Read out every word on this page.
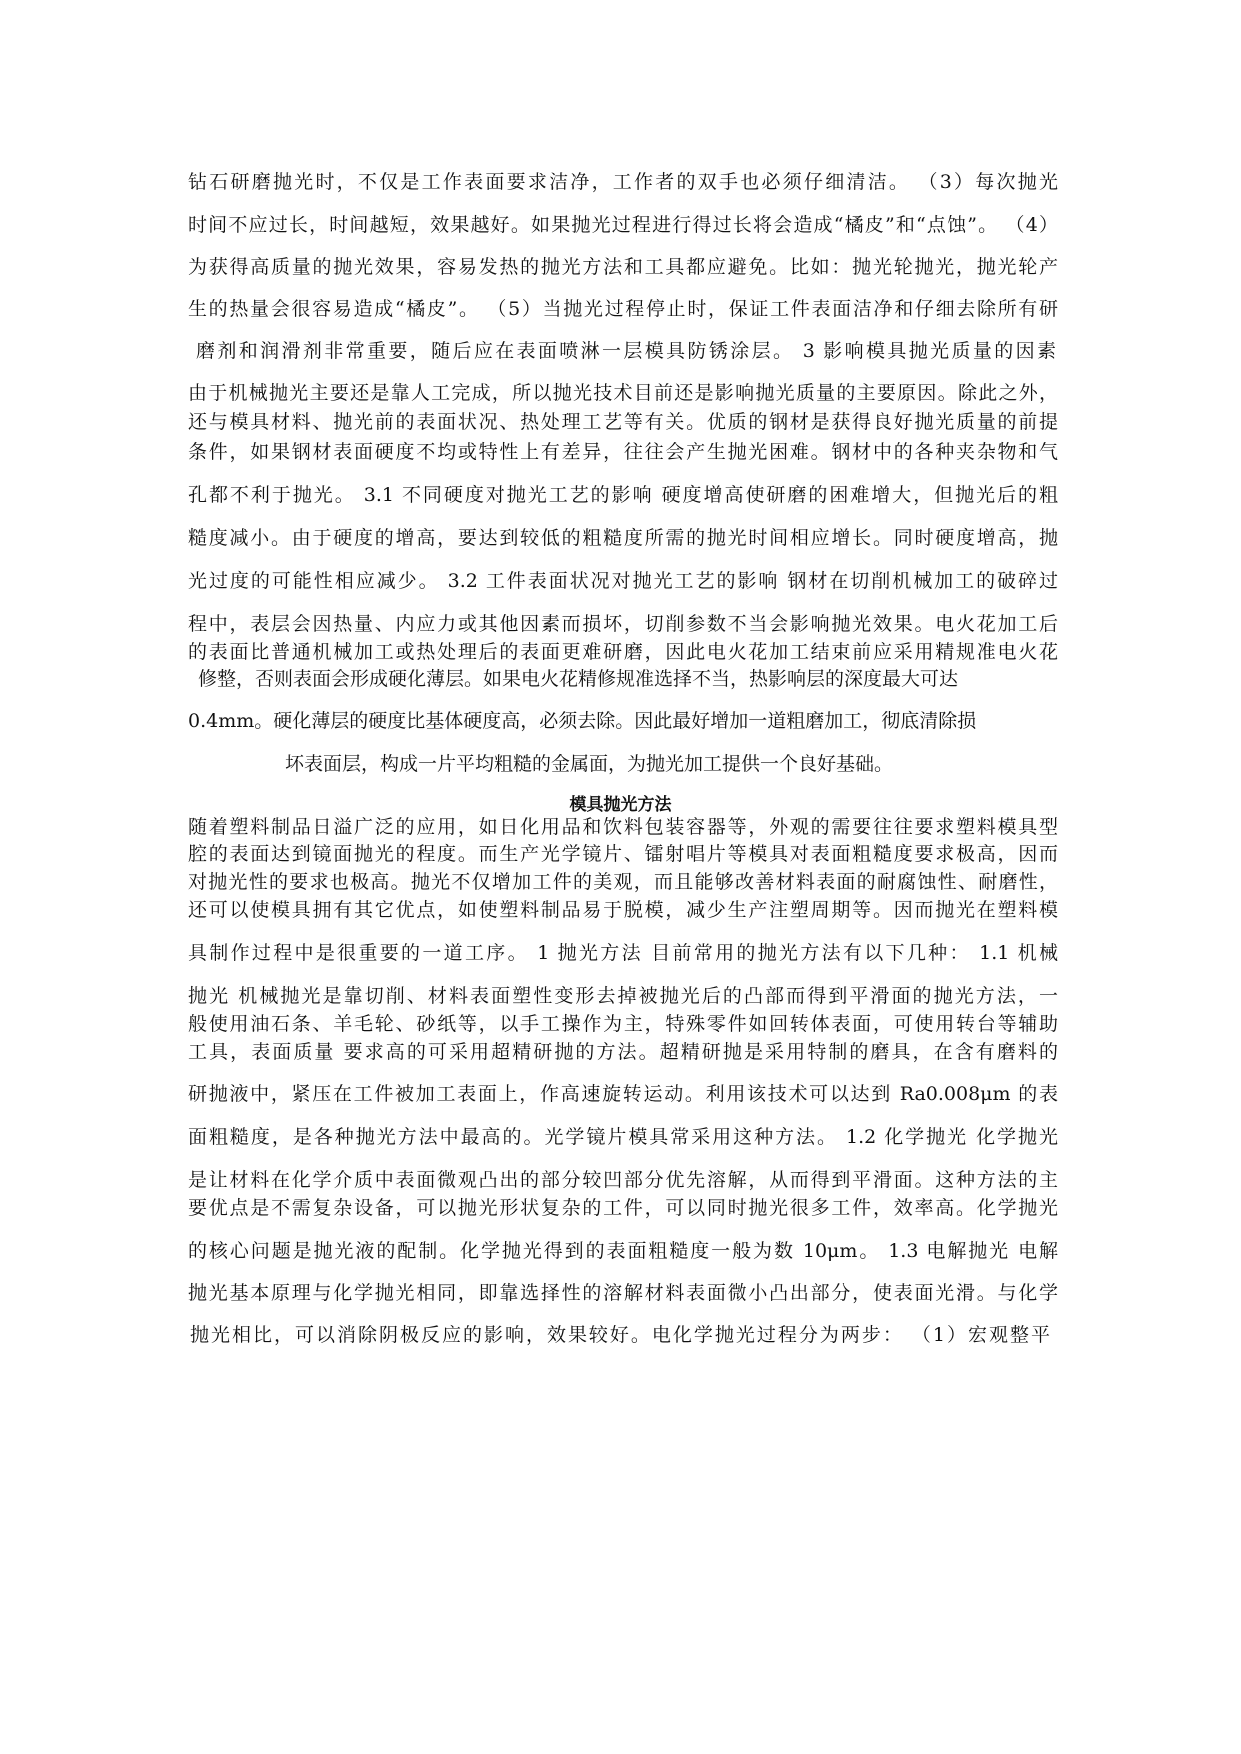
钻石研磨抛光时，不仅是工作表面要求洁净，工作者的双手也必须仔细清洁。 （3）每次抛光
时间不应过长，时间越短，效果越好。如果抛光过程进行得过长将会造成“橘皮”和“点蚀”。 （4）
为获得高质量的抛光效果，容易发热的抛光方法和工具都应避免。比如：抛光轮抛光，抛光轮产
生的热量会很容易造成“橘皮”。 （5）当抛光过程停止时，保证工件表面洁净和仔细去除所有研
磨剂和润滑剂非常重要，随后应在表面喷淋一层模具防锈涂层。 3 影响模具抛光质量的因素
由于机械抛光主要还是靠人工完成，所以抛光技术目前还是影响抛光质量的主要原因。除此之外，
还与模具材料、抛光前的表面状况、热处理工艺等有关。优质的钢材是获得良好抛光质量的前提
条件，如果钢材表面硬度不均或特性上有差异，往往会产生抛光困难。钢材中的各种夹杂物和气
孔都不利于抛光。 3.1 不同硬度对抛光工艺的影响 硬度增高使研磨的困难增大，但抛光后的粗
糙度减小。由于硬度的增高，要达到较低的粗糙度所需的抛光时间相应增长。同时硬度增高，抛
光过度的可能性相应减少。 3.2 工件表面状况对抛光工艺的影响 钢材在切削机械加工的破碎过
程中，表层会因热量、内应力或其他因素而损坏，切削参数不当会影响抛光效果。电火花加工后
的表面比普通机械加工或热处理后的表面更难研磨，因此电火花加工结束前应采用精规准电火花
修整，否则表面会形成硬化薄层。如果电火花精修规准选择不当，热影响层的深度最大可达
0.4mm。硬化薄层的硬度比基体硬度高，必须去除。因此最好增加一道粗磨加工，彻底清除损
坏表面层，构成一片平均粗糙的金属面，为抛光加工提供一个良好基础。
模具抛光方法
随着塑料制品日溢广泛的应用，如日化用品和饮料包装容器等，外观的需要往往要求塑料模具型
腔的表面达到镜面抛光的程度。而生产光学镜片、镭射唱片等模具对表面粗糙度要求极高，因而
对抛光性的要求也极高。抛光不仅增加工件的美观，而且能够改善材料表面的耐腐蚀性、耐磨性，
还可以使模具拥有其它优点，如使塑料制品易于脱模，减少生产注塑周期等。因而抛光在塑料模
具制作过程中是很重要的一道工序。 1 抛光方法 目前常用的抛光方法有以下几种： 1.1 机械
抛光 机械抛光是靠切削、材料表面塑性变形去掉被抛光后的凸部而得到平滑面的抛光方法，一
般使用油石条、羊毛轮、砂纸等，以手工操作为主，特殊零件如回转体表面，可使用转台等辅助
工具，表面质量 要求高的可采用超精研抛的方法。超精研抛是采用特制的磨具，在含有磨料的
研抛液中，紧压在工件被加工表面上，作高速旋转运动。利用该技术可以达到 Ra0.008μm 的表
面粗糙度，是各种抛光方法中最高的。光学镜片模具常采用这种方法。 1.2 化学抛光 化学抛光
是让材料在化学介质中表面微观凸出的部分较凹部分优先溶解，从而得到平滑面。这种方法的主
要优点是不需复杂设备，可以抛光形状复杂的工件，可以同时抛光很多工件，效率高。化学抛光
的核心问题是抛光液的配制。化学抛光得到的表面粗糙度一般为数 10μm。 1.3 电解抛光 电解
抛光基本原理与化学抛光相同，即靠选择性的溶解材料表面微小凸出部分，使表面光滑。与化学
抛光相比，可以消除阴极反应的影响，效果较好。电化学抛光过程分为两步： （1）宏观整平
